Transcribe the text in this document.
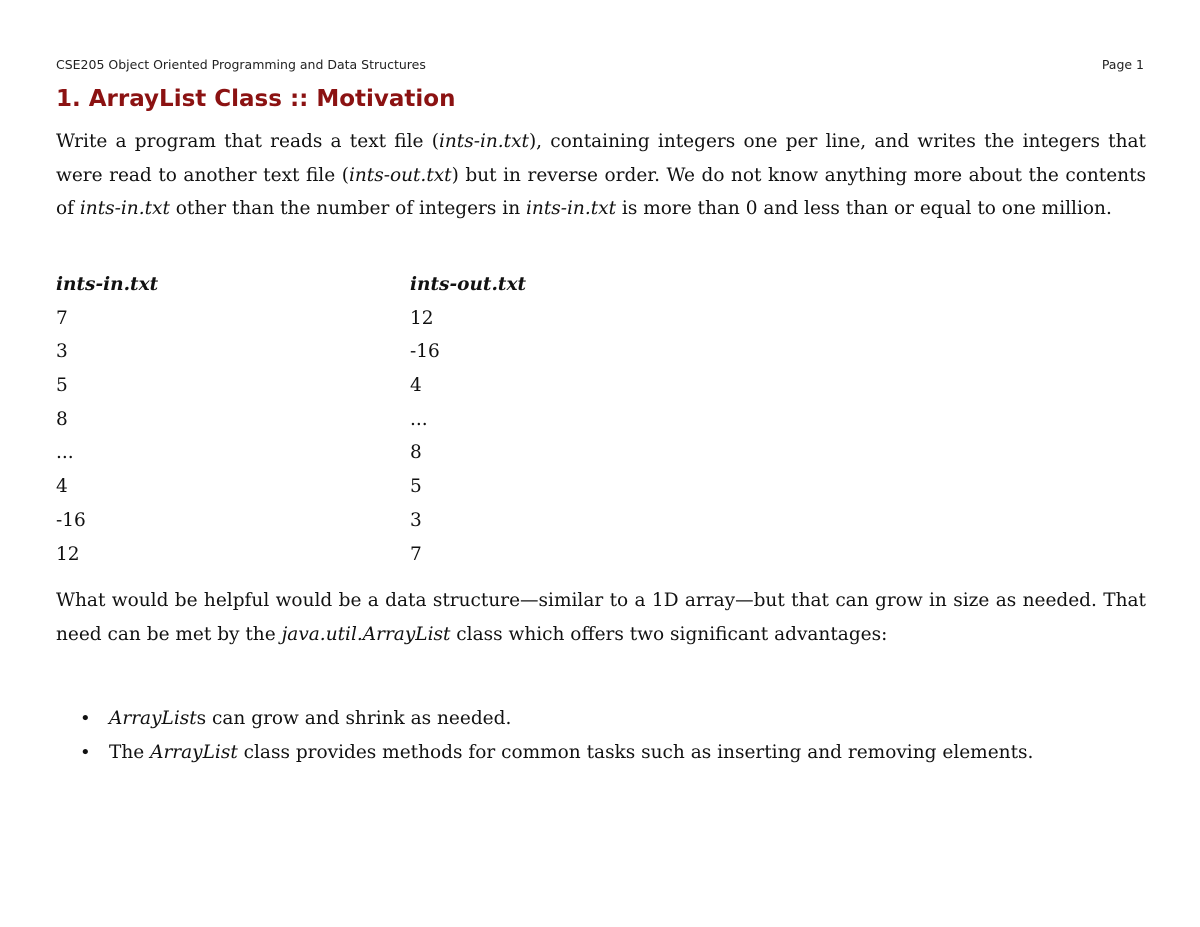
CSE205 Object Oriented Programming and Data Structures	Page 1
1. ArrayList Class :: Motivation

Write a program that reads a text file (ints-in.txt), containing integers one per line, and writes the integers that were read to another text file (ints-out.txt) but in reverse order. We do not know anything more about the contents of ints-in.txt other than the number of integers in ints-in.txt is more than 0 and less than or equal to one million.

ints-in.txt	ints-out.txt
7	12
3	-16
5	4
8	...
...	8
4	5
-16	3
12	7

What would be helpful would be a data structure—similar to a 1D array—but that can grow in size as needed. That need can be met by the java.util.ArrayList class which offers two significant advantages:

• ArrayLists can grow and shrink as needed.
• The ArrayList class provides methods for common tasks such as inserting and removing elements.
